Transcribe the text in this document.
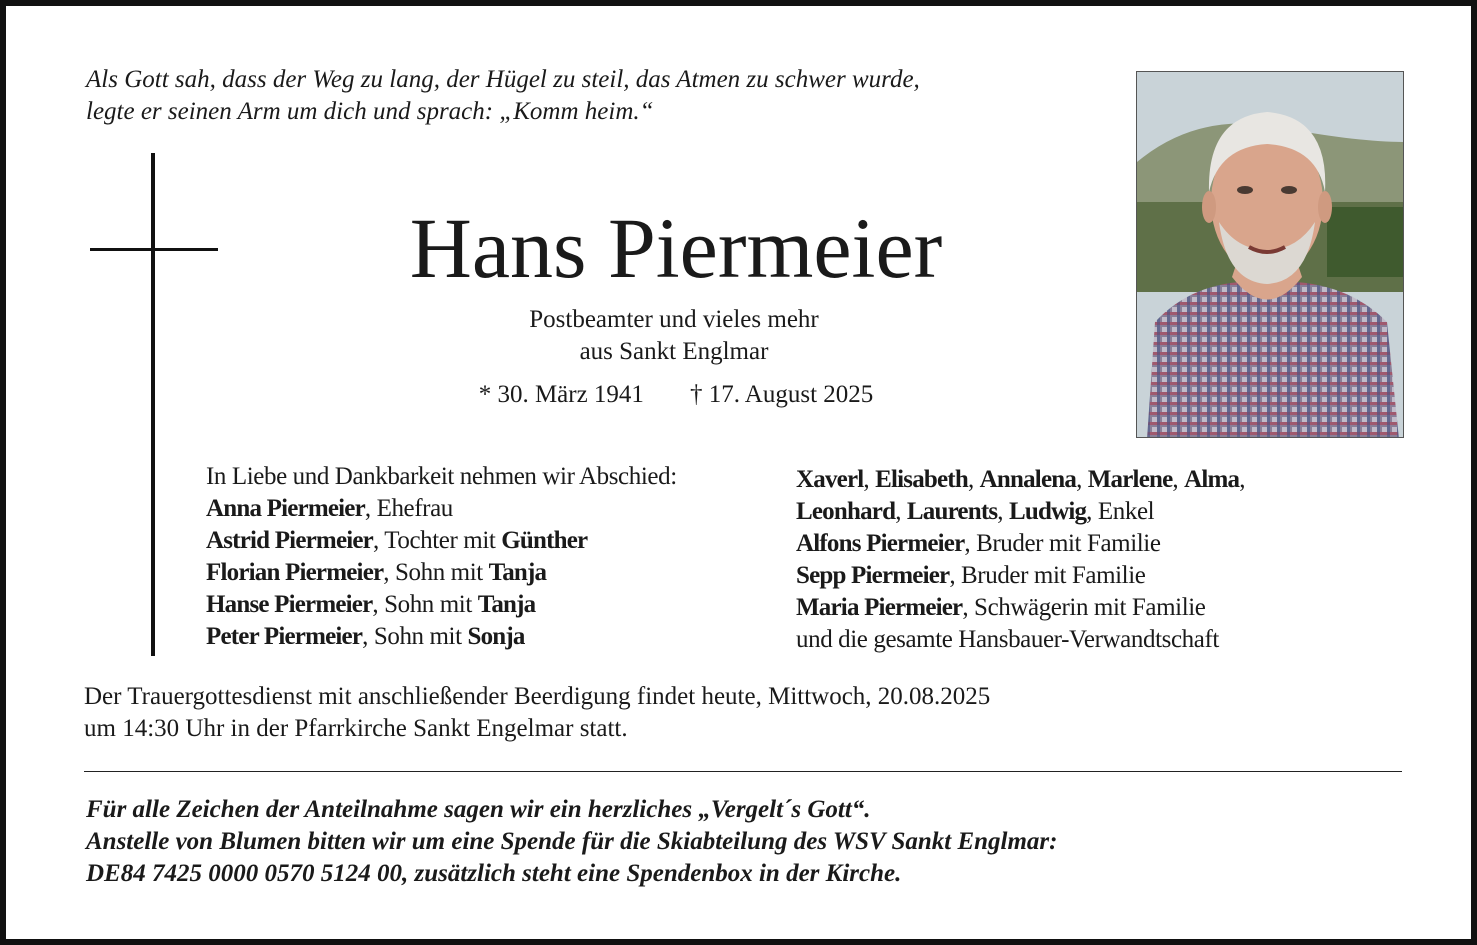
Als Gott sah, dass der Weg zu lang, der Hügel zu steil, das Atmen zu schwer wurde,
legte er seinen Arm um dich und sprach: „Komm heim.“
Hans Piermeier
Postbeamter und vieles mehr
aus Sankt Englmar
* 30. März 1941 † 17. August 2025
In Liebe und Dankbarkeit nehmen wir Abschied:
Anna Piermeier, Ehefrau
Astrid Piermeier, Tochter mit Günther
Florian Piermeier, Sohn mit Tanja
Hanse Piermeier, Sohn mit Tanja
Peter Piermeier, Sohn mit Sonja
Xaverl, Elisabeth, Annalena, Marlene, Alma,
Leonhard, Laurents, Ludwig, Enkel
Alfons Piermeier, Bruder mit Familie
Sepp Piermeier, Bruder mit Familie
Maria Piermeier, Schwägerin mit Familie
und die gesamte Hansbauer-Verwandtschaft
Der Trauergottesdienst mit anschließender Beerdigung findet heute, Mittwoch, 20.08.2025
um 14:30 Uhr in der Pfarrkirche Sankt Engelmar statt.
Für alle Zeichen der Anteilnahme sagen wir ein herzliches „Vergelt´s Gott“.
Anstelle von Blumen bitten wir um eine Spende für die Skiabteilung des WSV Sankt Englmar:
DE84 7425 0000 0570 5124 00, zusätzlich steht eine Spendenbox in der Kirche.
